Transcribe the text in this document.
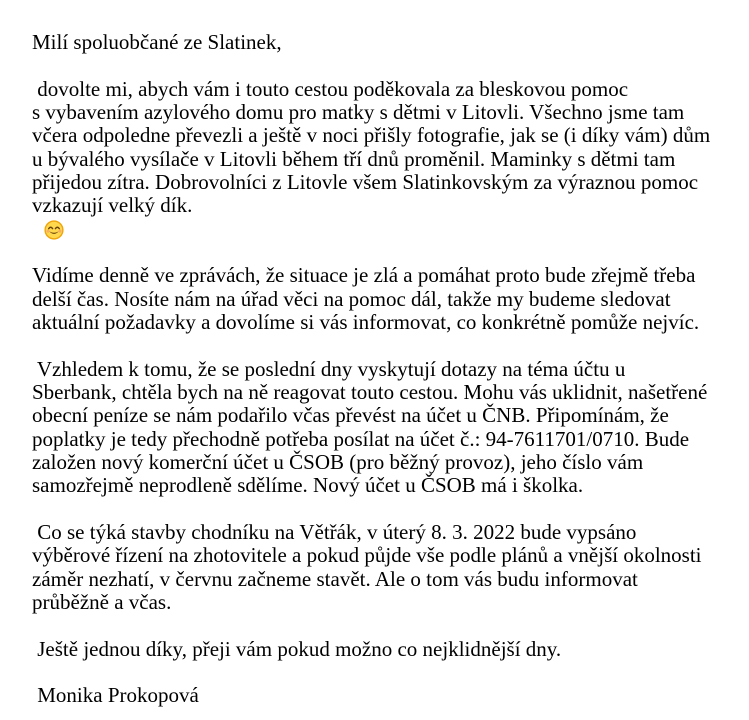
Milí spoluobčané ze Slatinek,

dovolte mi, abych vám i touto cestou poděkovala za bleskovou pomoc
s vybavením azylového domu pro matky s dětmi v Litovli. Všechno jsme tam
včera odpoledne převezli a ještě v noci přišly fotografie, jak se (i díky vám) dům
u bývalého vysílače v Litovli během tří dnů proměnil. Maminky s dětmi tam
přijedou zítra. Dobrovolníci z Litovle všem Slatinkovským za výraznou pomoc
vzkazují velký dík.

Vidíme denně ve zprávách, že situace je zlá a pomáhat proto bude zřejmě třeba
delší čas. Nosíte nám na úřad věci na pomoc dál, takže my budeme sledovat
aktuální požadavky a dovolíme si vás informovat, co konkrétně pomůže nejvíc.

Vzhledem k tomu, že se poslední dny vyskytují dotazy na téma účtu u
Sberbank, chtěla bych na ně reagovat touto cestou. Mohu vás uklidnit, našetřené
obecní peníze se nám podařilo včas převést na účet u ČNB. Připomínám, že
poplatky je tedy přechodně potřeba posílat na účet č.: 94-7611701/0710. Bude
založen nový komerční účet u ČSOB (pro běžný provoz), jeho číslo vám
samozřejmě neprodleně sdělíme. Nový účet u ČSOB má i školka.

Co se týká stavby chodníku na Větřák, v úterý 8. 3. 2022 bude vypsáno
výběrové řízení na zhotovitele a pokud půjde vše podle plánů a vnější okolnosti
záměr nezhatí, v červnu začneme stavět. Ale o tom vás budu informovat
průběžně a včas.

Ještě jednou díky, přeji vám pokud možno co nejklidnější dny.

Monika Prokopová
